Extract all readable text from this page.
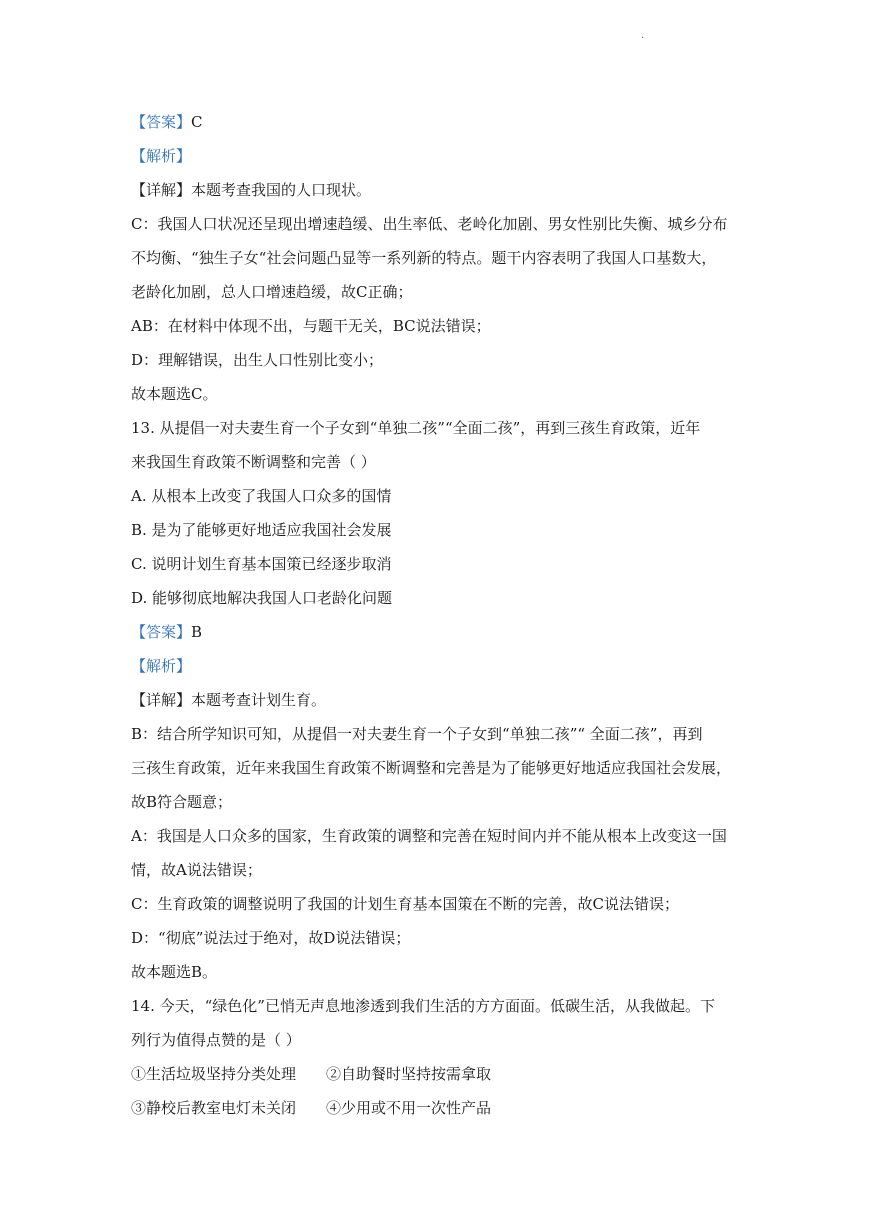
.
【答案】C
【解析】
【详解】本题考查我国的人口现状。
C：我国人口状况还呈现出增速趋缓、出生率低、老岭化加剧、男女性别比失衡、城乡分布
不均衡、“独生子女“社会问题凸显等一系列新的特点。题干内容表明了我国人口基数大，
老龄化加剧，总人口增速趋缓，故C正确；
AB：在材料中体现不出，与题干无关，BC说法错误；
D：理解错误，出生人口性别比变小；
故本题选C。
13. 从提倡一对夫妻生育一个子女到“单独二孩”“全面二孩”，再到三孩生育政策，近年
来我国生育政策不断调整和完善（ ）
A. 从根本上改变了我国人口众多的国情
B. 是为了能够更好地适应我国社会发展
C. 说明计划生育基本国策已经逐步取消
D. 能够彻底地解决我国人口老龄化问题
【答案】B
【解析】
【详解】本题考查计划生育。
B：结合所学知识可知，从提倡一对夫妻生育一个子女到“单独二孩”“ 全面二孩”，再到
三孩生育政策，近年来我国生育政策不断调整和完善是为了能够更好地适应我国社会发展，
故B符合题意；
A：我国是人口众多的国家，生育政策的调整和完善在短时间内并不能从根本上改变这一国
情，故A说法错误；
C：生育政策的调整说明了我国的计划生育基本国策在不断的完善，故C说法错误；
D：“彻底”说法过于绝对，故D说法错误；
故本题选B。
14. 今天，“绿色化”已悄无声息地渗透到我们生活的方方面面。低碳生活，从我做起。下
列行为值得点赞的是（ ）
①生活垃圾坚持分类处理 ②自助餐时坚持按需拿取
③静校后教室电灯未关闭 ④少用或不用一次性产品
